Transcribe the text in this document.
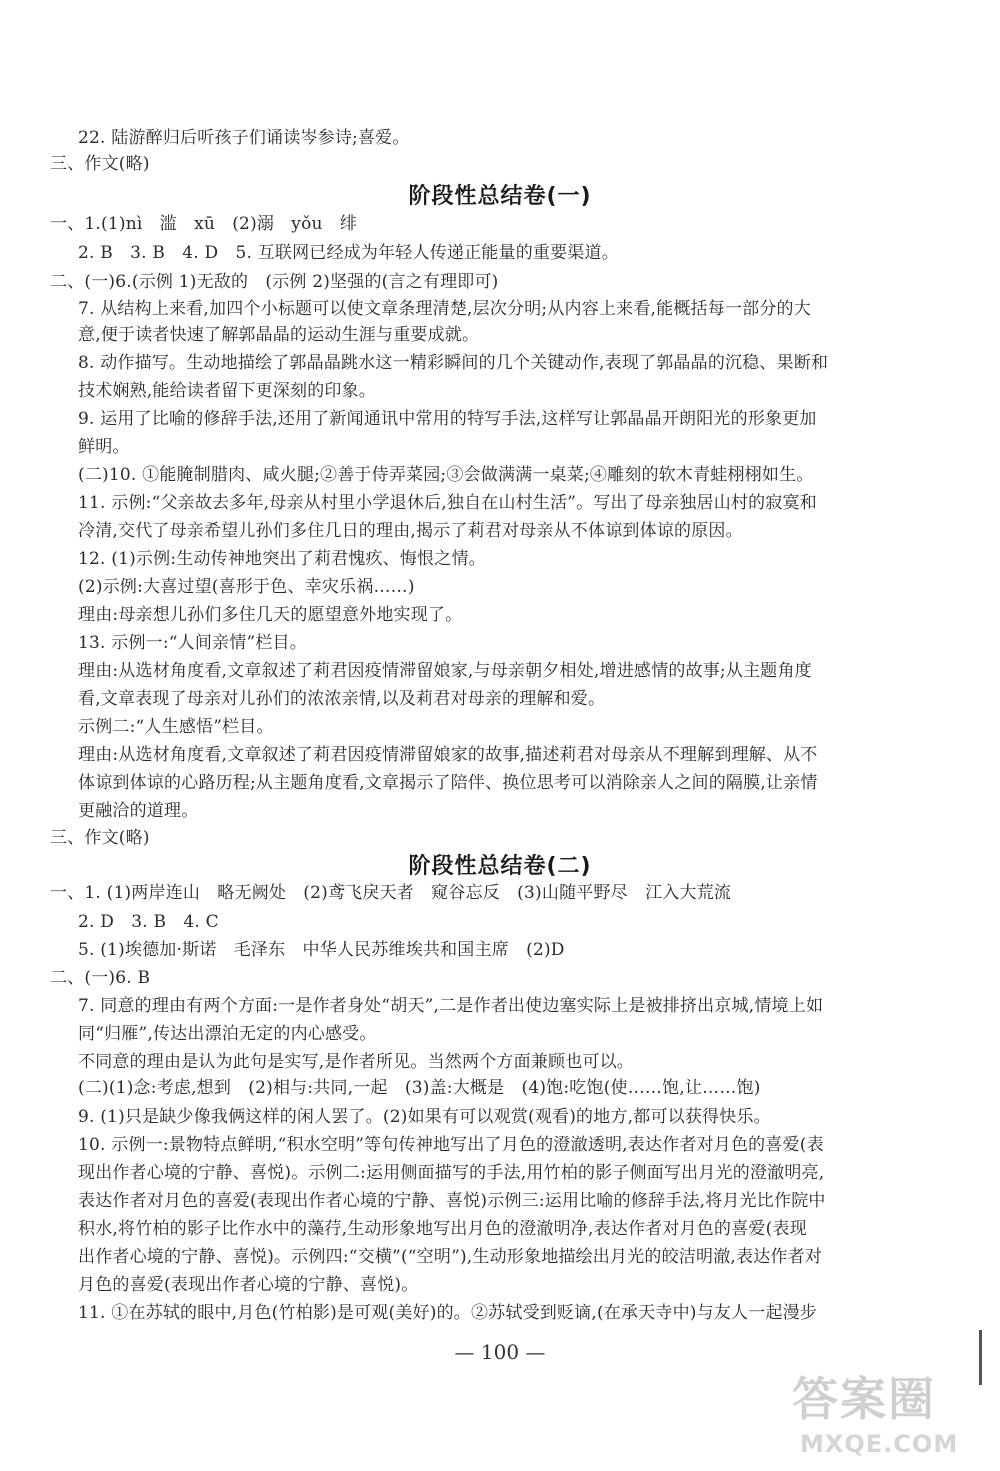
22. 陆游醉归后听孩子们诵读岑参诗;喜爱。
三、作文(略)
阶段性总结卷(一)
一、1.(1)nì　滥　xū　(2)溺　yǒu　绯
2. B　3. B　4. D　5. 互联网已经成为年轻人传递正能量的重要渠道。
二、(一)6.(示例 1)无敌的　(示例 2)坚强的(言之有理即可)
7. 从结构上来看,加四个小标题可以使文章条理清楚,层次分明;从内容上来看,能概括每一部分的大
意,便于读者快速了解郭晶晶的运动生涯与重要成就。
8. 动作描写。生动地描绘了郭晶晶跳水这一精彩瞬间的几个关键动作,表现了郭晶晶的沉稳、果断和
技术娴熟,能给读者留下更深刻的印象。
9. 运用了比喻的修辞手法,还用了新闻通讯中常用的特写手法,这样写让郭晶晶开朗阳光的形象更加
鲜明。
(二)10. ①能腌制腊肉、咸火腿;②善于侍弄菜园;③会做满满一桌菜;④雕刻的软木青蛙栩栩如生。
11. 示例:“父亲故去多年,母亲从村里小学退休后,独自在山村生活”。写出了母亲独居山村的寂寞和
冷清,交代了母亲希望儿孙们多住几日的理由,揭示了莉君对母亲从不体谅到体谅的原因。
12. (1)示例:生动传神地突出了莉君愧疚、悔恨之情。
(2)示例:大喜过望(喜形于色、幸灾乐祸……)
理由:母亲想儿孙们多住几天的愿望意外地实现了。
13. 示例一:“人间亲情”栏目。
理由:从选材角度看,文章叙述了莉君因疫情滞留娘家,与母亲朝夕相处,增进感情的故事;从主题角度
看,文章表现了母亲对儿孙们的浓浓亲情,以及莉君对母亲的理解和爱。
示例二:“人生感悟”栏目。
理由:从选材角度看,文章叙述了莉君因疫情滞留娘家的故事,描述莉君对母亲从不理解到理解、从不
体谅到体谅的心路历程;从主题角度看,文章揭示了陪伴、换位思考可以消除亲人之间的隔膜,让亲情
更融洽的道理。
三、作文(略)
阶段性总结卷(二)
一、1. (1)两岸连山　略无阙处　(2)鸢飞戾天者　窥谷忘反　(3)山随平野尽　江入大荒流
2. D　3. B　4. C
5. (1)埃德加·斯诺　毛泽东　中华人民苏维埃共和国主席　(2)D
二、(一)6. B
7. 同意的理由有两个方面:一是作者身处“胡天”,二是作者出使边塞实际上是被排挤出京城,情境上如
同“归雁”,传达出漂泊无定的内心感受。
不同意的理由是认为此句是实写,是作者所见。当然两个方面兼顾也可以。
(二)(1)念:考虑,想到　(2)相与:共同,一起　(3)盖:大概是　(4)饱:吃饱(使……饱,让……饱)
9. (1)只是缺少像我俩这样的闲人罢了。(2)如果有可以观赏(观看)的地方,都可以获得快乐。
10. 示例一:景物特点鲜明,“积水空明”等句传神地写出了月色的澄澈透明,表达作者对月色的喜爱(表
现出作者心境的宁静、喜悦)。示例二:运用侧面描写的手法,用竹柏的影子侧面写出月光的澄澈明亮,
表达作者对月色的喜爱(表现出作者心境的宁静、喜悦)示例三:运用比喻的修辞手法,将月光比作院中
积水,将竹柏的影子比作水中的藻荇,生动形象地写出月色的澄澈明净,表达作者对月色的喜爱(表现
出作者心境的宁静、喜悦)。示例四:“交横”(“空明”),生动形象地描绘出月光的皎洁明澈,表达作者对
月色的喜爱(表现出作者心境的宁静、喜悦)。
11. ①在苏轼的眼中,月色(竹柏影)是可观(美好)的。②苏轼受到贬谪,(在承天寺中)与友人一起漫步
— 100 —
答案圈
MXQE.COM
